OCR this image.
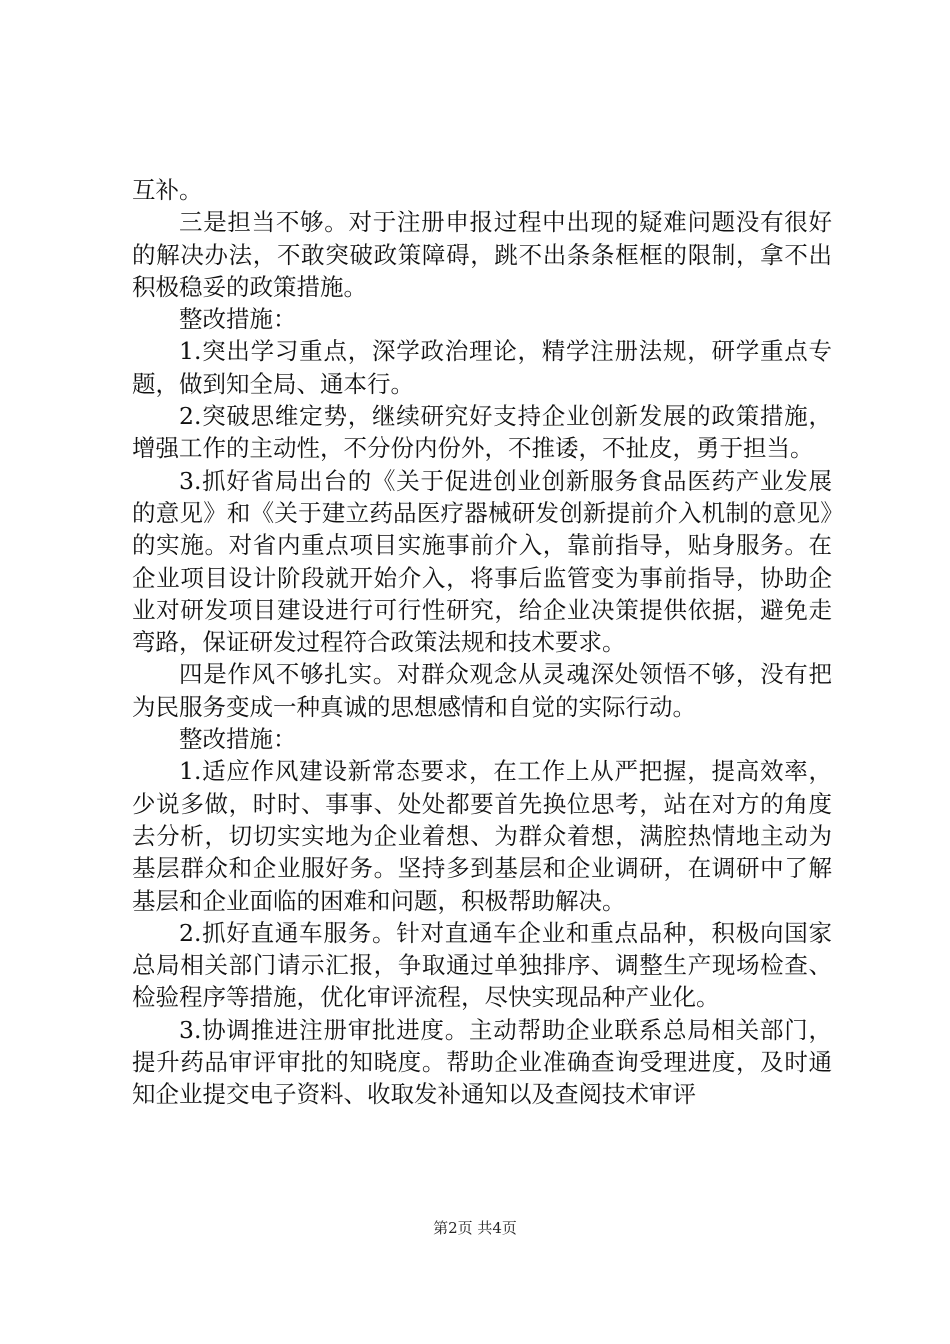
互补。

三是担当不够。对于注册申报过程中出现的疑难问题没有很好的解决办法，不敢突破政策障碍，跳不出条条框框的限制，拿不出积极稳妥的政策措施。

整改措施：

1.突出学习重点，深学政治理论，精学注册法规，研学重点专题，做到知全局、通本行。

2.突破思维定势，继续研究好支持企业创新发展的政策措施，增强工作的主动性，不分份内份外，不推诿，不扯皮，勇于担当。

3.抓好省局出台的《关于促进创业创新服务食品医药产业发展的意见》和《关于建立药品医疗器械研发创新提前介入机制的意见》的实施。对省内重点项目实施事前介入，靠前指导，贴身服务。在企业项目设计阶段就开始介入，将事后监管变为事前指导，协助企业对研发项目建设进行可行性研究，给企业决策提供依据，避免走弯路，保证研发过程符合政策法规和技术要求。

四是作风不够扎实。对群众观念从灵魂深处领悟不够，没有把为民服务变成一种真诚的思想感情和自觉的实际行动。

整改措施：

1.适应作风建设新常态要求，在工作上从严把握，提高效率，少说多做，时时、事事、处处都要首先换位思考，站在对方的角度去分析，切切实实地为企业着想、为群众着想，满腔热情地主动为基层群众和企业服好务。坚持多到基层和企业调研，在调研中了解基层和企业面临的困难和问题，积极帮助解决。

2.抓好直通车服务。针对直通车企业和重点品种，积极向国家总局相关部门请示汇报，争取通过单独排序、调整生产现场检查、检验程序等措施，优化审评流程，尽快实现品种产业化。

3.协调推进注册审批进度。主动帮助企业联系总局相关部门，提升药品审评审批的知晓度。帮助企业准确查询受理进度，及时通知企业提交电子资料、收取发补通知以及查阅技术审评

第2页 共4页
